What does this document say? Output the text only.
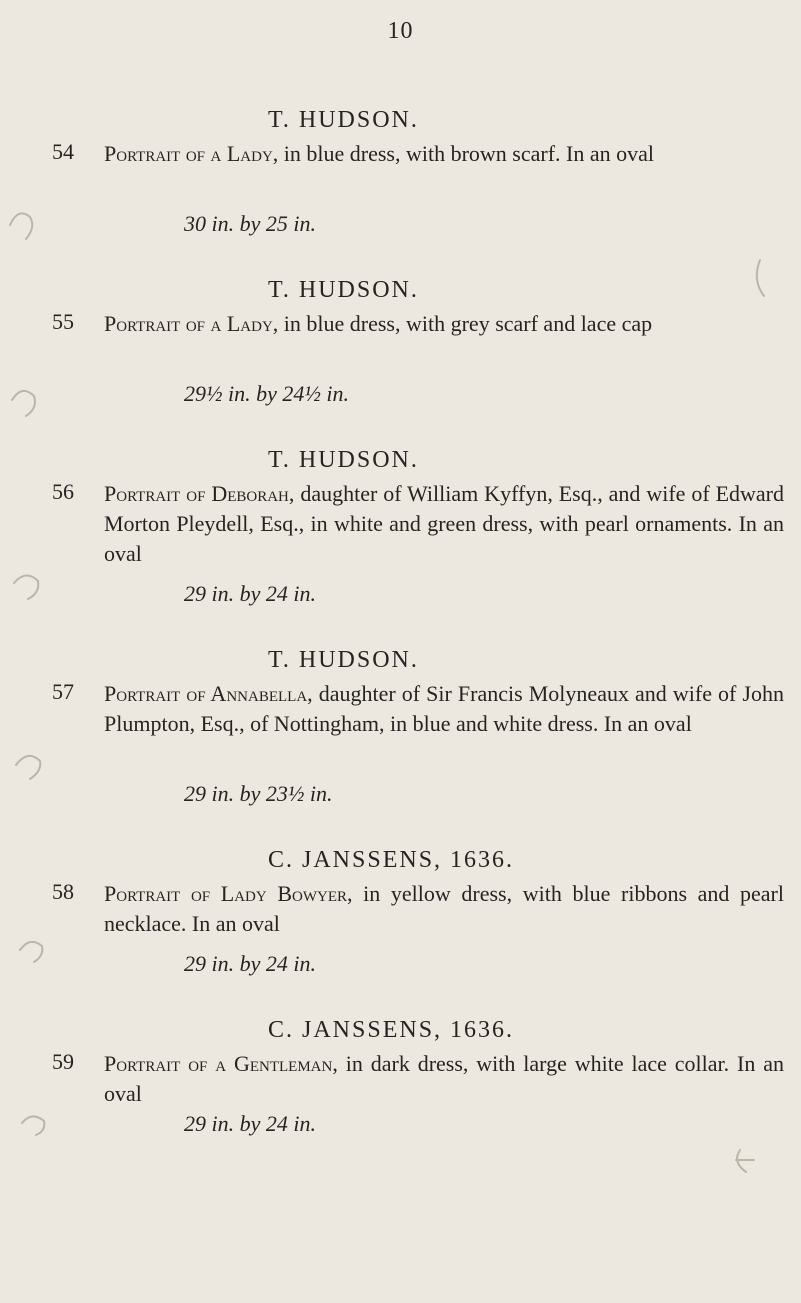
10
T. HUDSON.
54 Portrait of a Lady, in blue dress, with brown scarf. In an oval
30 in. by 25 in.
T. HUDSON.
55 Portrait of a Lady, in blue dress, with grey scarf and lace cap
29½ in. by 24½ in.
T. HUDSON.
56 Portrait of Deborah, daughter of William Kyffyn, Esq., and wife of Edward Morton Pleydell, Esq., in white and green dress, with pearl ornaments. In an oval
29 in. by 24 in.
T. HUDSON.
57 Portrait of Annabella, daughter of Sir Francis Molyneaux and wife of John Plumpton, Esq., of Nottingham, in blue and white dress. In an oval
29 in. by 23½ in.
C. JANSSENS, 1636.
58 Portrait of Lady Bowyer, in yellow dress, with blue ribbons and pearl necklace. In an oval
29 in. by 24 in.
C. JANSSENS, 1636.
59 Portrait of a Gentleman, in dark dress, with large white lace collar. In an oval
29 in. by 24 in.
